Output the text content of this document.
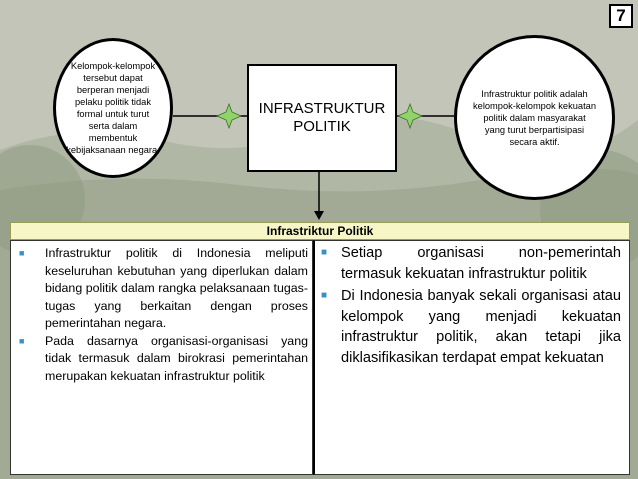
7
Kelompok-kelompok tersebut dapat berperan menjadi pelaku politik tidak formal untuk turut serta dalam membentuk kebijaksanaan negara.
INFRASTRUKTUR
POLITIK
Infrastruktur politik adalah kelompok-kelompok kekuatan politik dalam masyarakat yang turut berpartisipasi secara aktif.
Infrastriktur Politik
■ Infrastruktur politik di Indonesia meliputi keseluruhan kebutuhan yang diperlukan dalam bidang politik dalam rangka pelaksanaan tugas-tugas yang berkaitan dengan proses pemerintahan negara.
■ Pada dasarnya organisasi-organisasi yang tidak termasuk dalam birokrasi pemerintahan merupakan kekuatan infrastruktur politik
■ Setiap organisasi non-pemerintah termasuk kekuatan infrastruktur politik
■ Di Indonesia banyak sekali organisasi atau kelompok yang menjadi kekuatan infrastruktur politik, akan tetapi jika diklasifikasikan terdapat empat kekuatan
